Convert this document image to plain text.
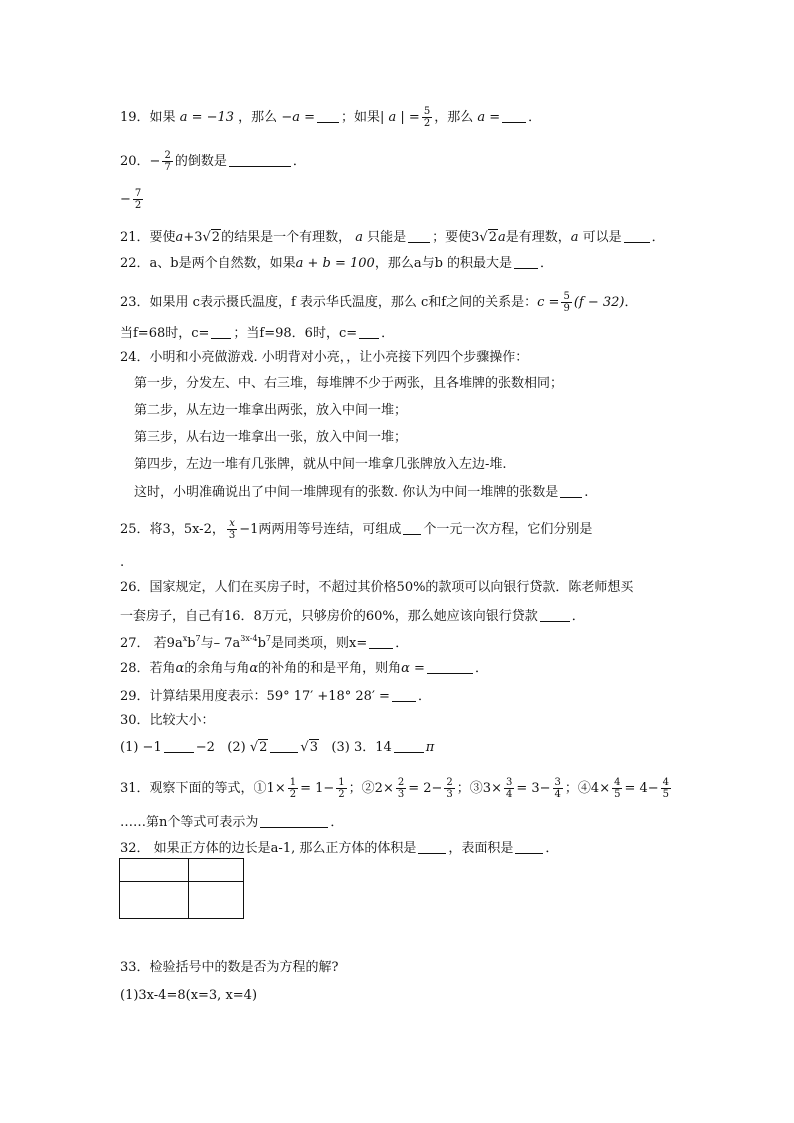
19．如果 a = −13 ，那么 −a = ；如果| a | = $\frac{5}{2}$ ，那么 a = ．
20．− $\frac{2}{7}$ 的倒数是	．
− $\frac{7}{2}$
21．要使a+3√2的结果是一个有理数， a 只能是 ；要使3√2a是有理数，a 可以是 ．
22．a、b是两个自然数，如果a + b = 100，那么a与b 的积最大是 ．
23．如果用 c表示摄氏温度，f 表示华氏温度，那么 c和f之间的关系是：$c = \frac{5}{9} (f - 32)$．
当f=68时，c= ；当f=98．6时，c= ．
24．小明和小亮做游戏. 小明背对小亮，，让小亮接下列四个步骤操作：
第一步，分发左、中、右三堆，每堆牌不少于两张，且各堆牌的张数相同；
第二步，从左边一堆拿出两张，放入中间一堆；
第三步，从右边一堆拿出一张，放入中间一堆；
第四步，左边一堆有几张牌，就从中间一堆拿几张牌放入左边-堆.
这时，小明准确说出了中间一堆牌现有的张数. 你认为中间一堆牌的张数是 .
25．将3，5x-2， $\frac{x}{3} -1$两两用等号连结，可组成 个一元一次方程，它们分别是
.
26．国家规定，人们在买房子时，不超过其价格50%的款项可以向银行贷款．陈老师想买
一套房子，自己有16．8万元，只够房价的60%，那么她应该向银行贷款	．
27． 若$9a^xb^7$与– $7a^{3x-4}b^7$是同类项，则x= ．
28．若角α的余角与角α的补角的和是平角，则角α =	．
29．计算结果用度表示：59° 17′ +18° 28′ = ．
30．比较大小：
(1) −1	−2   (2) √2	√3 (3) 3．14	π
31．观察下面的等式，①1× $\frac{1}{2} = 1- \frac{1}{2}$ ；②2× $\frac{2}{3} = 2- \frac{2}{3}$ ；③3× $\frac{3}{4} = 3- \frac{3}{4}$ ；④4× $\frac{4}{5} = 4- \frac{4}{5}$
……第n个等式可表示为	．
32． 如果正方体的边长是a-1, 那么正方体的体积是 ，表面积是 ．

33．检验括号中的数是否为方程的解?
(1)3x-4=8(x=3, x=4)
